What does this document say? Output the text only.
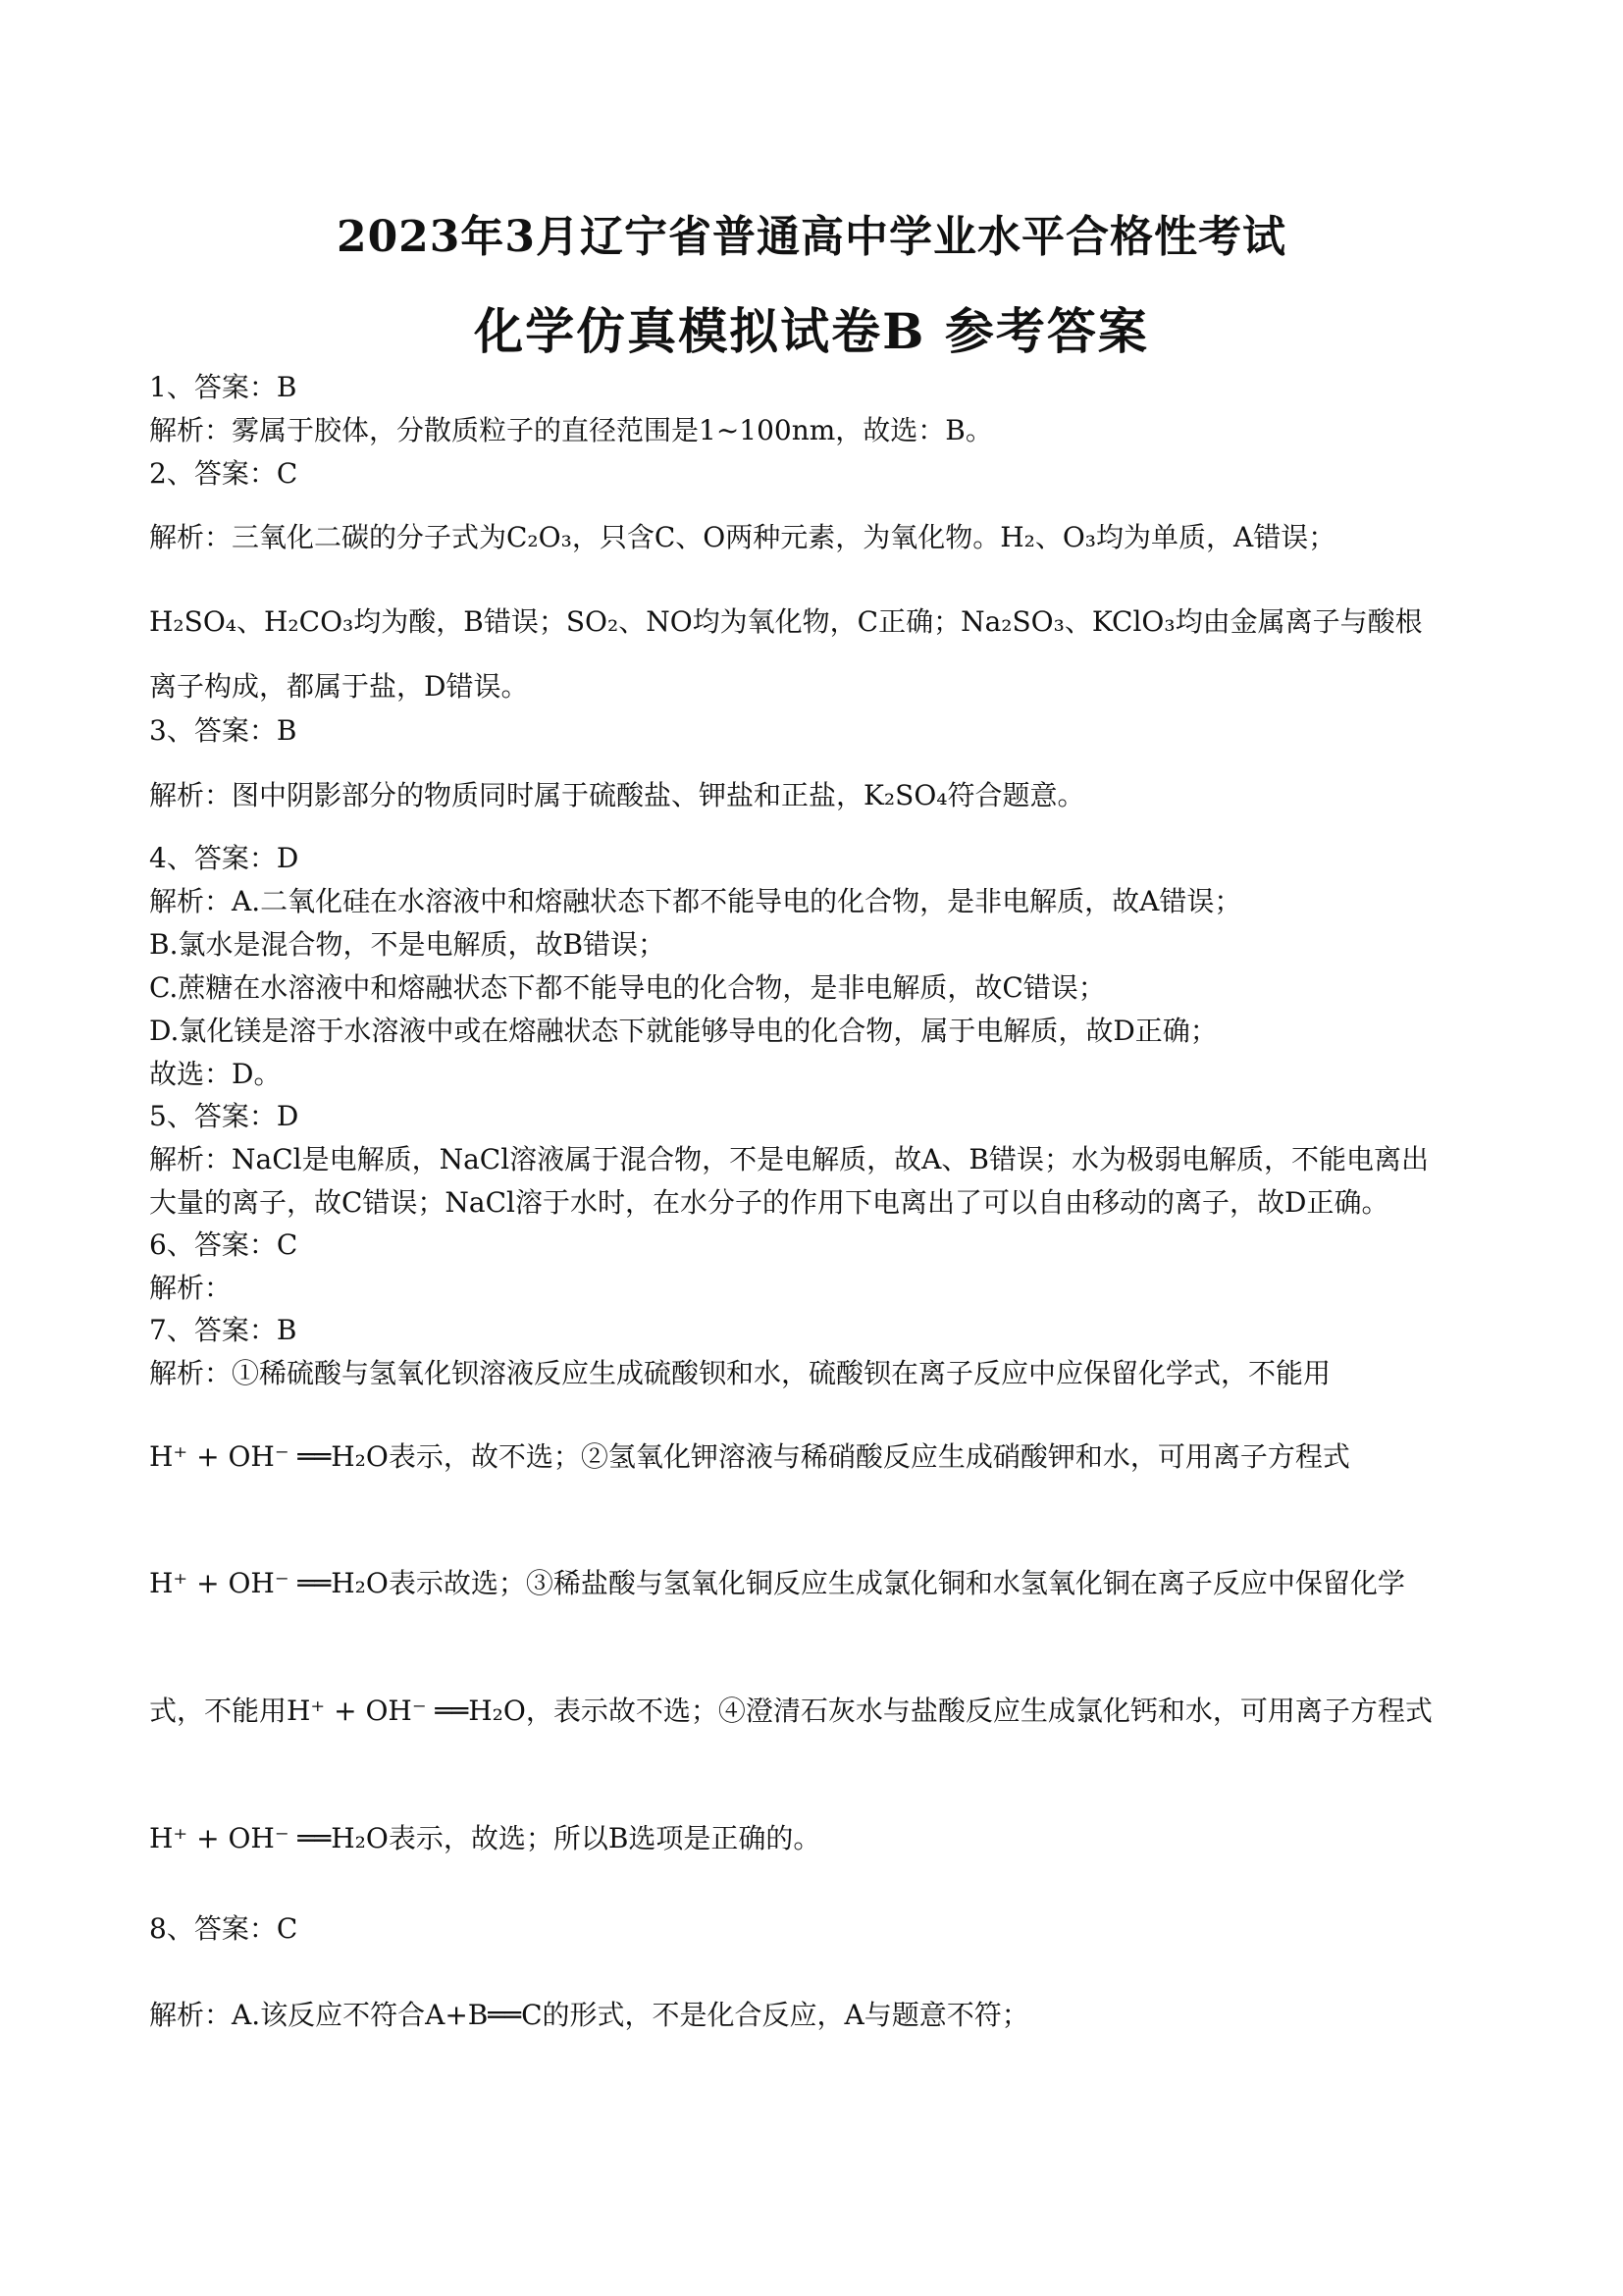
2023年3月辽宁省普通高中学业水平合格性考试
化学仿真模拟试卷B 参考答案
1、答案：B
解析：雾属于胶体，分散质粒子的直径范围是1~100nm，故选：B。
2、答案：C
解析：三氧化二碳的分子式为C₂O₃，只含C、O两种元素，为氧化物。H₂、O₃均为单质，A错误；
H₂SO₄、H₂CO₃均为酸，B错误；SO₂、NO均为氧化物，C正确；Na₂SO₃、KClO₃均由金属离子与酸根
离子构成，都属于盐，D错误。
3、答案：B
解析：图中阴影部分的物质同时属于硫酸盐、钾盐和正盐，K₂SO₄符合题意。
4、答案：D
解析：A.二氧化硅在水溶液中和熔融状态下都不能导电的化合物，是非电解质，故A错误；
B.氯水是混合物，不是电解质，故B错误；
C.蔗糖在水溶液中和熔融状态下都不能导电的化合物，是非电解质，故C错误；
D.氯化镁是溶于水溶液中或在熔融状态下就能够导电的化合物，属于电解质，故D正确；
故选：D。
5、答案：D
解析：NaCl是电解质，NaCl溶液属于混合物，不是电解质，故A、B错误；水为极弱电解质，不能电离出
大量的离子，故C错误；NaCl溶于水时，在水分子的作用下电离出了可以自由移动的离子，故D正确。
6、答案：C
解析：
7、答案：B
解析：①稀硫酸与氢氧化钡溶液反应生成硫酸钡和水，硫酸钡在离子反应中应保留化学式，不能用
H⁺ + OH⁻ ══H₂O表示，故不选；②氢氧化钾溶液与稀硝酸反应生成硝酸钾和水，可用离子方程式
H⁺ + OH⁻ ══H₂O表示故选；③稀盐酸与氢氧化铜反应生成氯化铜和水氢氧化铜在离子反应中保留化学
式，不能用H⁺ + OH⁻ ══H₂O，表示故不选；④澄清石灰水与盐酸反应生成氯化钙和水，可用离子方程式
H⁺ + OH⁻ ══H₂O表示，故选；所以B选项是正确的。
8、答案：C
解析：A.该反应不符合A+B══C的形式，不是化合反应，A与题意不符；
